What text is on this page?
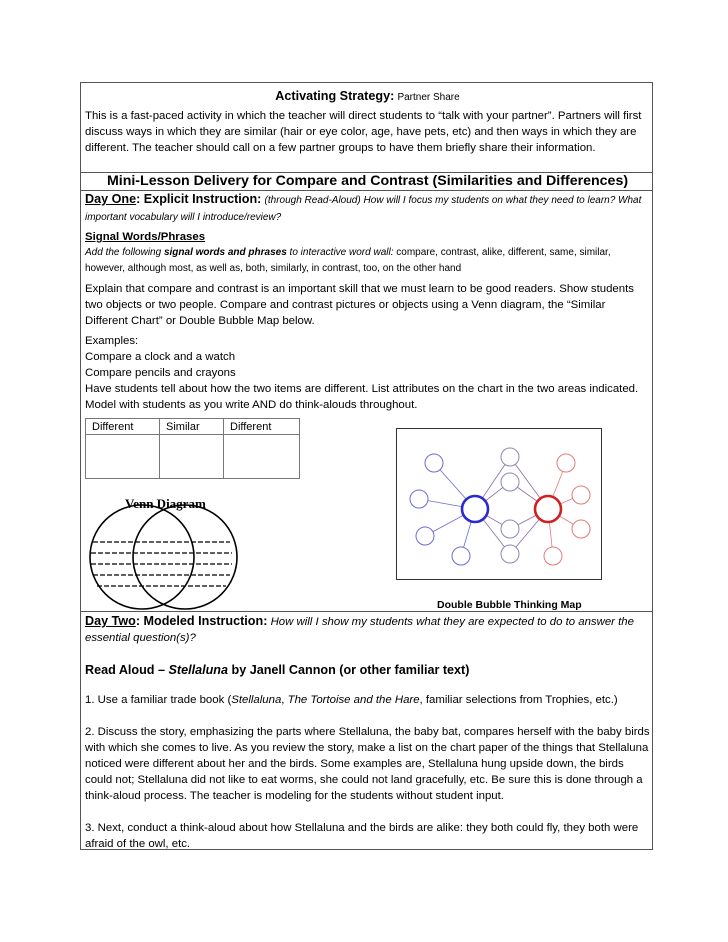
Activating Strategy: Partner Share
This is a fast-paced activity in which the teacher will direct students to “talk with your partner”. Partners will first discuss ways in which they are similar (hair or eye color, age, have pets, etc) and then ways in which they are different. The teacher should call on a few partner groups to have them briefly share their information.
Mini-Lesson Delivery for Compare and Contrast (Similarities and Differences)
Day One: Explicit Instruction: (through Read-Aloud) How will I focus my students on what they need to learn? What important vocabulary will I introduce/review?
Signal Words/Phrases
Add the following signal words and phrases to interactive word wall: compare, contrast, alike, different, same, similar, however, although most, as well as, both, similarly, in contrast, too, on the other hand
Explain that compare and contrast is an important skill that we must learn to be good readers. Show students two objects or two people. Compare and contrast pictures or objects using a Venn diagram, the “Similar Different Chart” or Double Bubble Map below.
Examples:
Compare a clock and a watch
Compare pencils and crayons
Have students tell about how the two items are different. List attributes on the chart in the two areas indicated. Model with students as you write AND do think-alouds throughout.
Different	Similar	Different

Venn Diagram
Double Bubble Thinking Map
Day Two: Modeled Instruction: How will I show my students what they are expected to do to answer the essential question(s)?
Read Aloud – Stellaluna by Janell Cannon (or other familiar text)
1. Use a familiar trade book (Stellaluna, The Tortoise and the Hare, familiar selections from Trophies, etc.)
2. Discuss the story, emphasizing the parts where Stellaluna, the baby bat, compares herself with the baby birds with which she comes to live. As you review the story, make a list on the chart paper of the things that Stellaluna noticed were different about her and the birds. Some examples are, Stellaluna hung upside down, the birds could not; Stellaluna did not like to eat worms, she could not land gracefully, etc. Be sure this is done through a think-aloud process. The teacher is modeling for the students without student input.
3. Next, conduct a think-aloud about how Stellaluna and the birds are alike: they both could fly, they both were afraid of the owl, etc.
